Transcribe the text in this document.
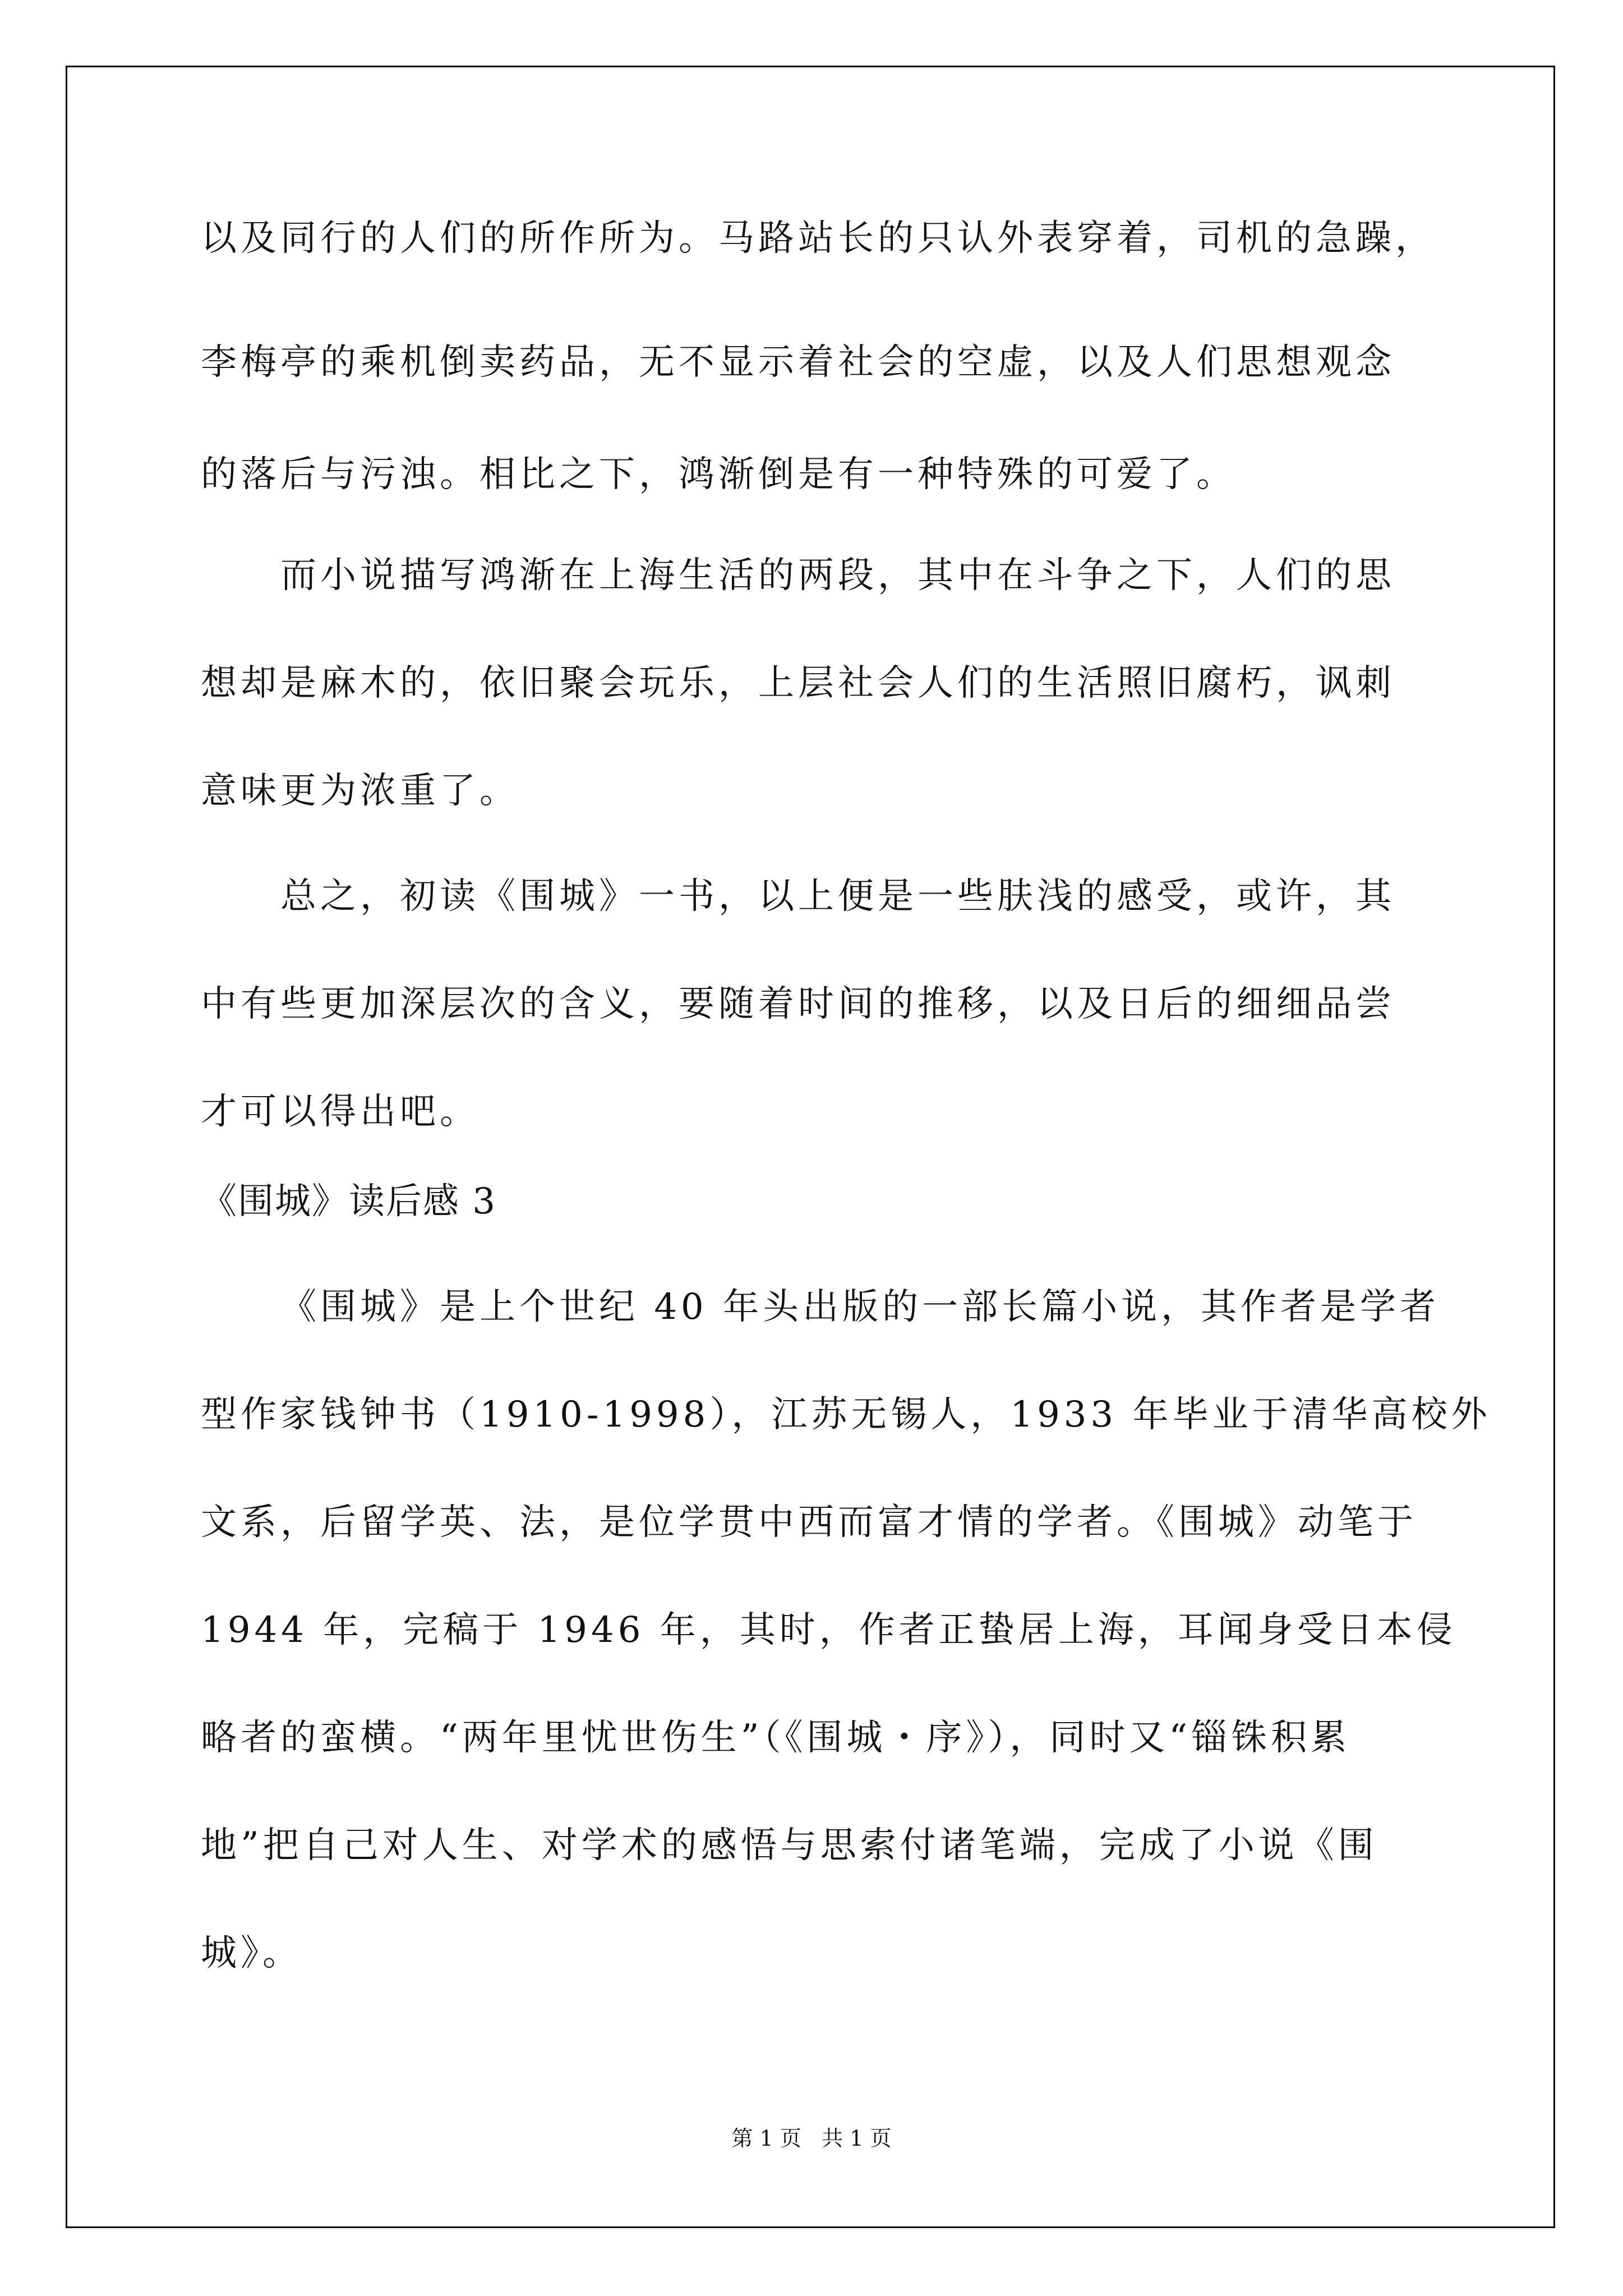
以及同行的人们的所作所为。马路站长的只认外表穿着，司机的急躁，

李梅亭的乘机倒卖药品，无不显示着社会的空虚，以及人们思想观念

的落后与污浊。相比之下，鸿渐倒是有一种特殊的可爱了。

而小说描写鸿渐在上海生活的两段，其中在斗争之下，人们的思

想却是麻木的，依旧聚会玩乐，上层社会人们的生活照旧腐朽，讽刺

意味更为浓重了。

总之，初读《围城》一书，以上便是一些肤浅的感受，或许，其

中有些更加深层次的含义，要随着时间的推移，以及日后的细细品尝

才可以得出吧。

《围城》读后感 3

《围城》是上个世纪 40 年头出版的一部长篇小说，其作者是学者

型作家钱钟书（1910-1998），江苏无锡人，1933 年毕业于清华高校外

文系，后留学英、法，是位学贯中西而富才情的学者。《围城》动笔于

1944 年，完稿于 1946 年，其时，作者正蛰居上海，耳闻身受日本侵

略者的蛮横。“两年里忧世伤生”（《围城・序》），同时又“锱铢积累

地”把自己对人生、对学术的感悟与思索付诸笔端，完成了小说《围

城》。

第 1 页   共 1 页
